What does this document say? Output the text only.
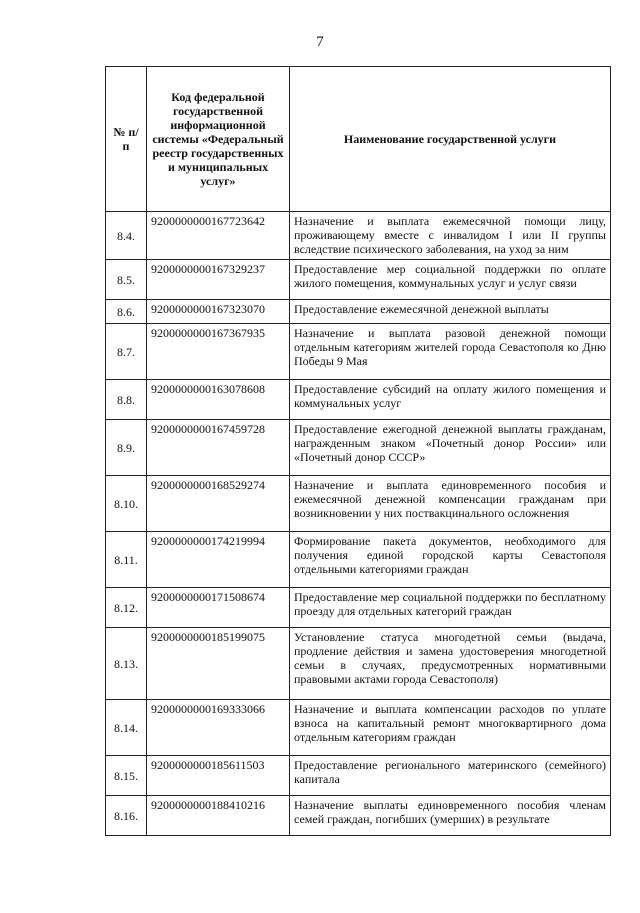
7
№ п/п	Код федеральной государственной информационной системы «Федеральный реестр государственных и муниципальных услуг»	Наименование государственной услуги
8.4.	9200000000167723642	Назначение и выплата ежемесячной помощи лицу, проживающему вместе с инвалидом I или II группы вследствие психического заболевания, на уход за ним
8.5.	9200000000167329237	Предоставление мер социальной поддержки по оплате жилого помещения, коммунальных услуг и услуг связи
8.6.	9200000000167323070	Предоставление ежемесячной денежной выплаты
8.7.	9200000000167367935	Назначение и выплата разовой денежной помощи отдельным категориям жителей города Севастополя ко Дню Победы 9 Мая
8.8.	9200000000163078608	Предоставление субсидий на оплату жилого помещения и коммунальных услуг
8.9.	9200000000167459728	Предоставление ежегодной денежной выплаты гражданам, награжденным знаком «Почетный донор России» или «Почетный донор СССР»
8.10.	9200000000168529274	Назначение и выплата единовременного пособия и ежемесячной денежной компенсации гражданам при возникновении у них поствакцинального осложнения
8.11.	9200000000174219994	Формирование пакета документов, необходимого для получения единой городской карты Севастополя отдельными категориями граждан
8.12.	9200000000171508674	Предоставление мер социальной поддержки по бесплатному проезду для отдельных категорий граждан
8.13.	9200000000185199075	Установление статуса многодетной семьи (выдача, продление действия и замена удостоверения многодетной семьи в случаях, предусмотренных нормативными правовыми актами города Севастополя)
8.14.	9200000000169333066	Назначение и выплата компенсации расходов по уплате взноса на капитальный ремонт многоквартирного дома отдельным категориям граждан
8.15.	9200000000185611503	Предоставление регионального материнского (семейного) капитала
8.16.	9200000000188410216	Назначение выплаты единовременного пособия членам семей граждан, погибших (умерших) в результате
